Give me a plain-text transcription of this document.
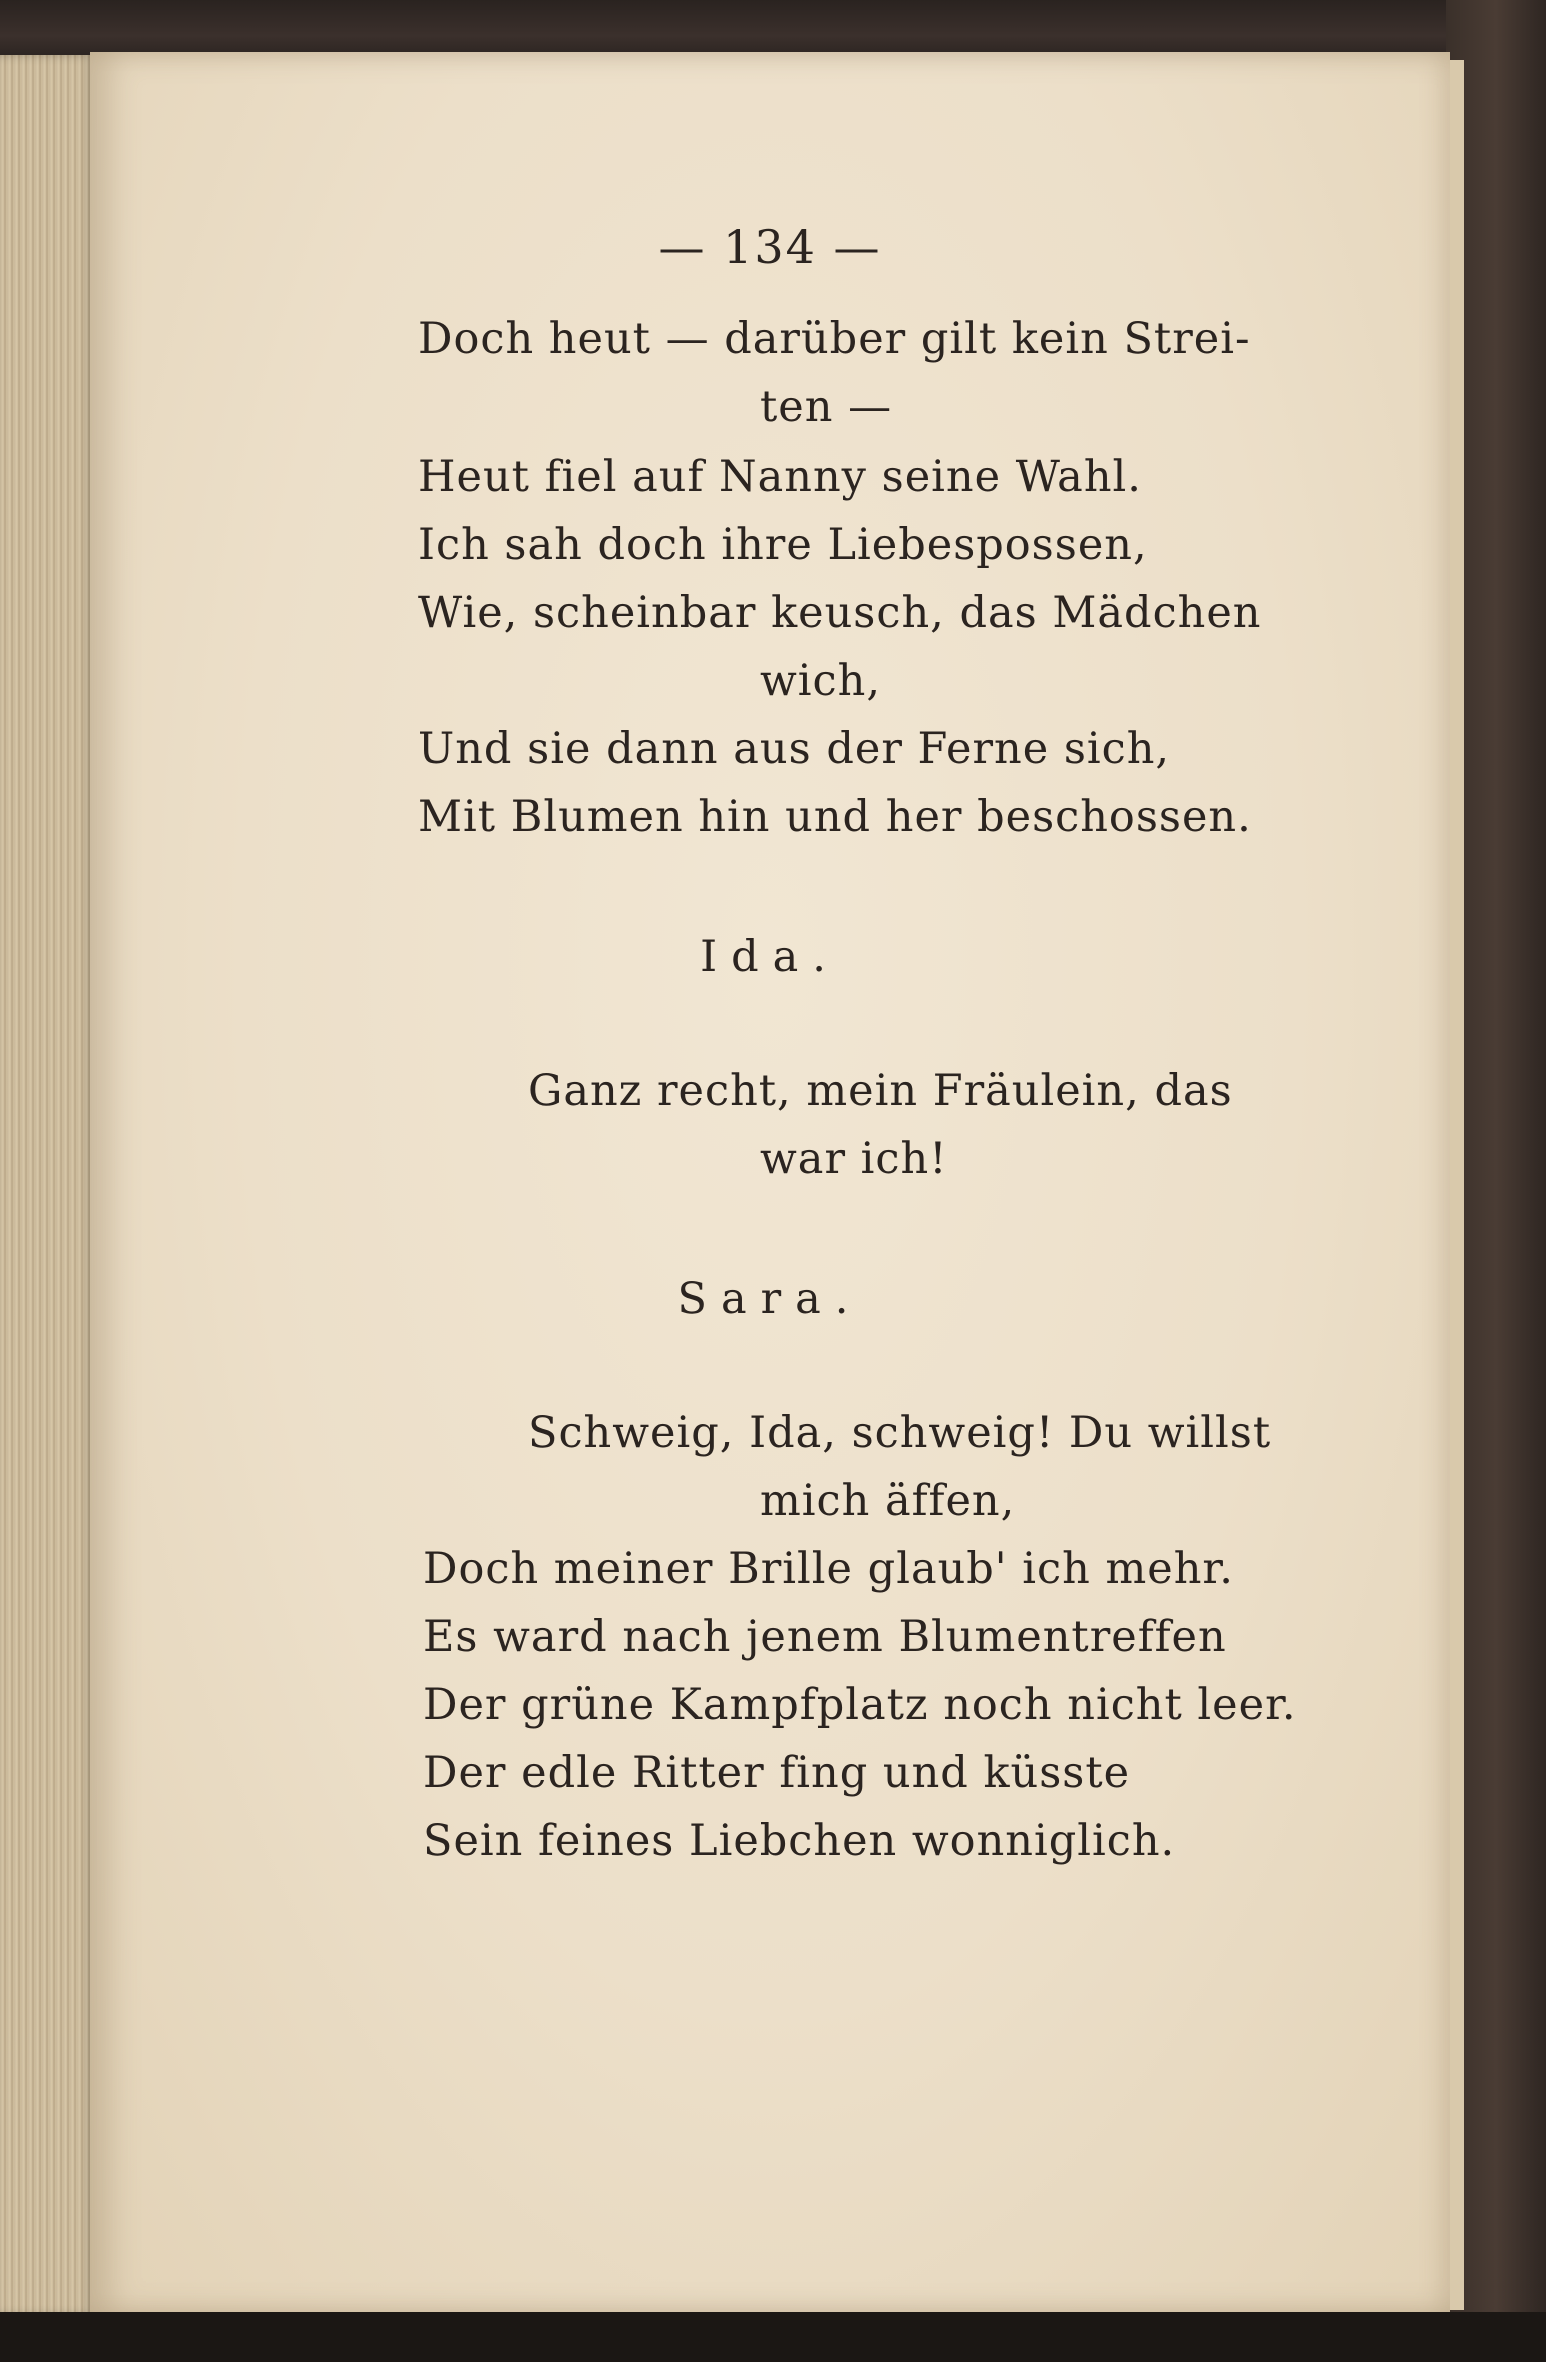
— 134 —
Doch heut — darüber gilt kein Strei-
ten —
Heut fiel auf Nanny seine Wahl.
Ich sah doch ihre Liebespossen,
Wie, scheinbar keusch, das Mädchen
wich,
Und sie dann aus der Ferne sich,
Mit Blumen hin und her beschossen.
Ida.
Ganz recht, mein Fräulein, das
war ich!
Sara.
Schweig, Ida, schweig! Du willst
mich äffen,
Doch meiner Brille glaub' ich mehr.
Es ward nach jenem Blumentreffen
Der grüne Kampfplatz noch nicht leer.
Der edle Ritter fing und küsste
Sein feines Liebchen wonniglich.
